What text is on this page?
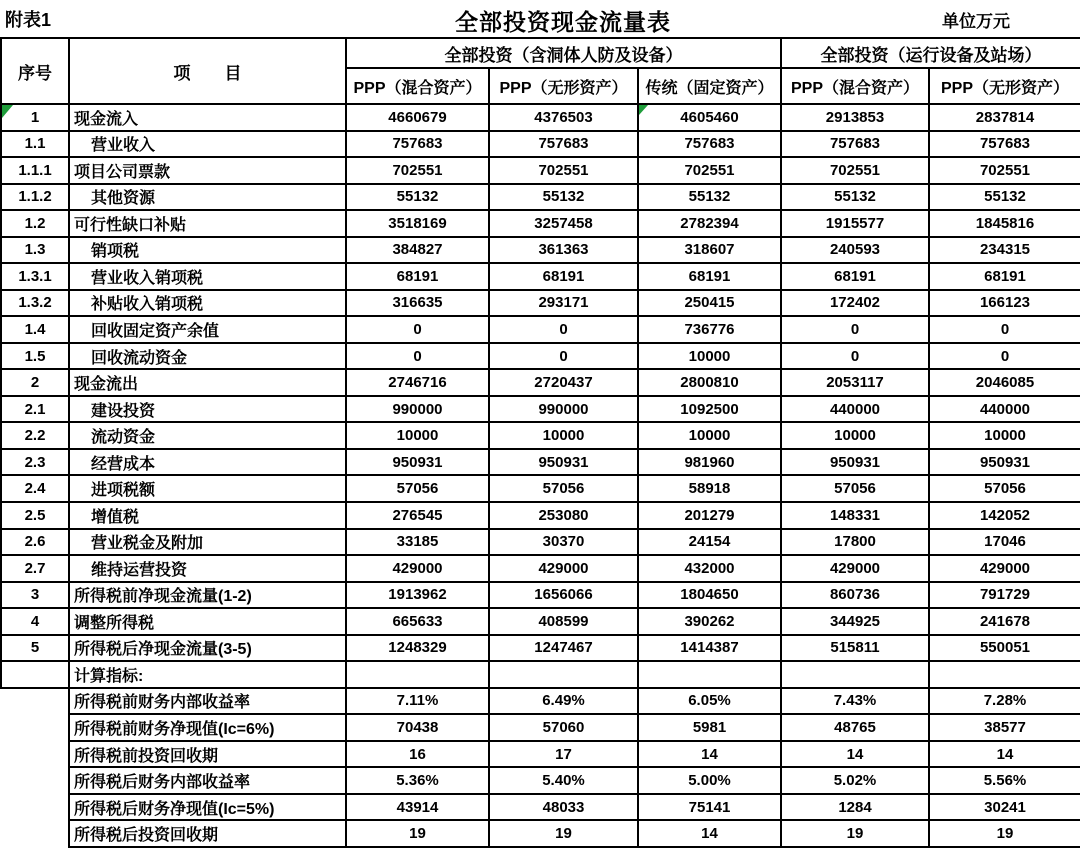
附表1	全部投资现金流量表	单位万元
序号	项　　目	全部投资（含洞体人防及设备）			全部投资（运行设备及站场）	
		PPP（混合资产）	PPP（无形资产）	传统（固定资产）	PPP（混合资产）	PPP（无形资产）
1	现金流入	4660679	4376503	4605460	2913853	2837814
1.1	营业收入	757683	757683	757683	757683	757683
1.1.1	项目公司票款	702551	702551	702551	702551	702551
1.1.2	其他资源	55132	55132	55132	55132	55132
1.2	可行性缺口补贴	3518169	3257458	2782394	1915577	1845816
1.3	销项税	384827	361363	318607	240593	234315
1.3.1	营业收入销项税	68191	68191	68191	68191	68191
1.3.2	补贴收入销项税	316635	293171	250415	172402	166123
1.4	回收固定资产余值	0	0	736776	0	0
1.5	回收流动资金	0	0	10000	0	0
2	现金流出	2746716	2720437	2800810	2053117	2046085
2.1	建设投资	990000	990000	1092500	440000	440000
2.2	流动资金	10000	10000	10000	10000	10000
2.3	经营成本	950931	950931	981960	950931	950931
2.4	进项税额	57056	57056	58918	57056	57056
2.5	增值税	276545	253080	201279	148331	142052
2.6	营业税金及附加	33185	30370	24154	17800	17046
2.7	维持运营投资	429000	429000	432000	429000	429000
3	所得税前净现金流量(1-2)	1913962	1656066	1804650	860736	791729
4	调整所得税	665633	408599	390262	344925	241678
5	所得税后净现金流量(3-5)	1248329	1247467	1414387	515811	550051
	计算指标:					
	所得税前财务内部收益率	7.11%	6.49%	6.05%	7.43%	7.28%
	所得税前财务净现值(Ic=6%)	70438	57060	5981	48765	38577
	所得税前投资回收期	16	17	14	14	14
	所得税后财务内部收益率	5.36%	5.40%	5.00%	5.02%	5.56%
	所得税后财务净现值(Ic=5%)	43914	48033	75141	1284	30241
	所得税后投资回收期	19	19	14	19	19
